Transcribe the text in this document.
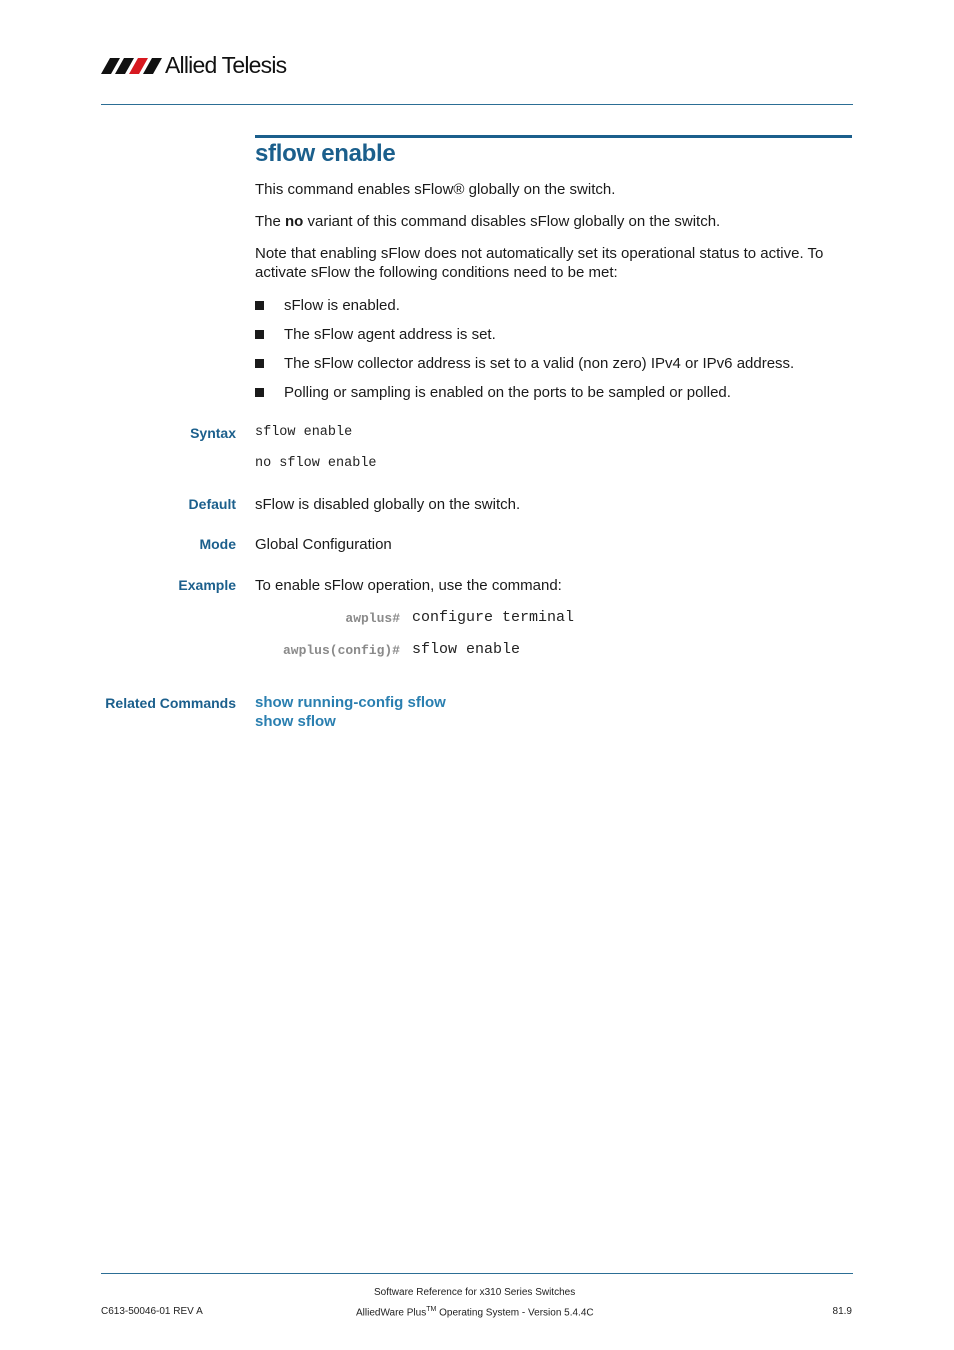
Allied Telesis
sflow enable

This command enables sFlow® globally on the switch.

The no variant of this command disables sFlow globally on the switch.

Note that enabling sFlow does not automatically set its operational status to active. To activate sFlow the following conditions need to be met:

sFlow is enabled.
The sFlow agent address is set.
The sFlow collector address is set to a valid (non zero) IPv4 or IPv6 address.
Polling or sampling is enabled on the ports to be sampled or polled.

Syntax sflow enable

no sflow enable

Default sFlow is disabled globally on the switch.

Mode Global Configuration

Example To enable sFlow operation, use the command:

awplus# configure terminal

awplus(config)# sflow enable

Related Commands show running-config sflow
show sflow

Software Reference for x310 Series Switches

C613-50046-01 REV A	AlliedWare Plus™ Operating System - Version 5.4.4C	81.9
